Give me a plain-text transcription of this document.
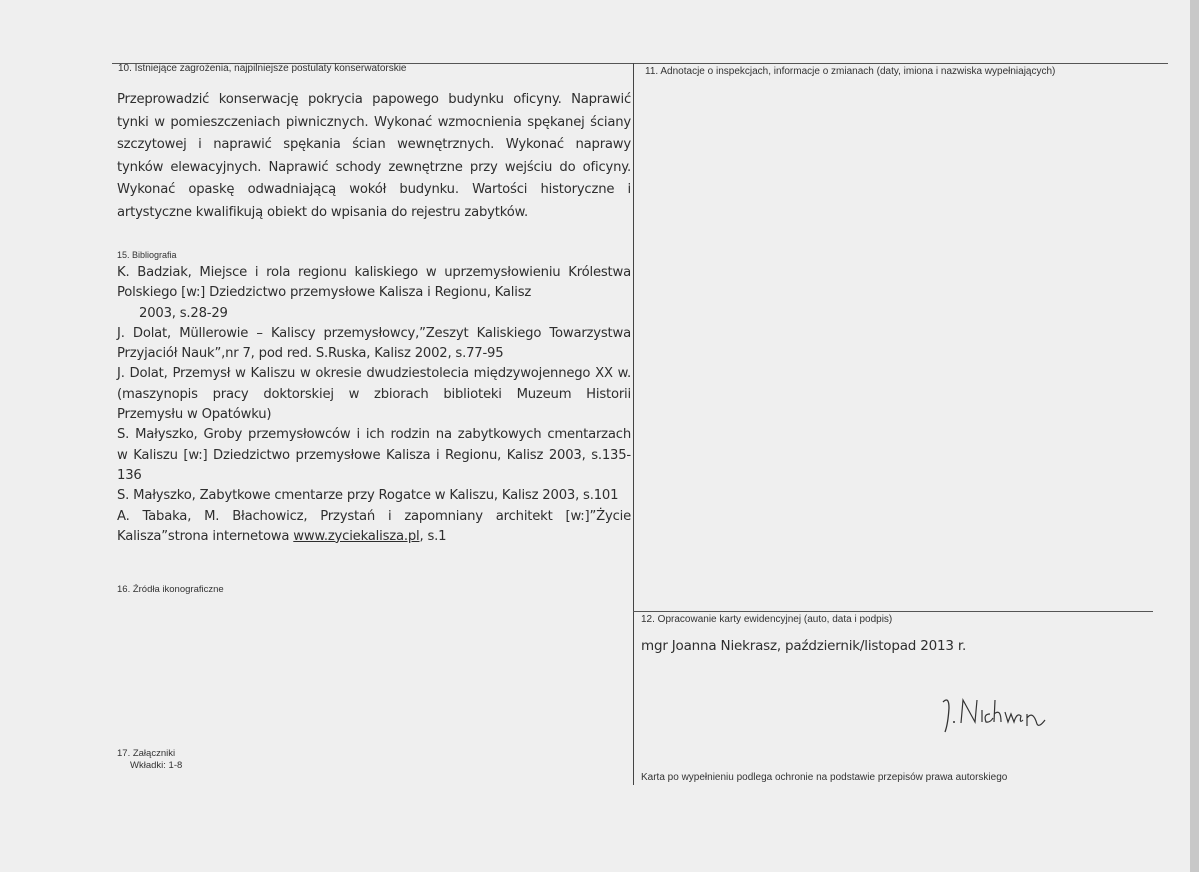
10. Istniejące zagrożenia, najpilniejsze postulaty konserwatorskie
Przeprowadzić konserwację pokrycia papowego budynku oficyny. Naprawić
tynki w pomieszczeniach piwnicznych. Wykonać wzmocnienia spękanej ściany
szczytowej i naprawić spękania ścian wewnętrznych. Wykonać naprawy
tynków elewacyjnych. Naprawić schody zewnętrzne przy wejściu do oficyny.
Wykonać opaskę odwadniającą wokół budynku. Wartości historyczne i
artystyczne kwalifikują obiekt do wpisania do rejestru zabytków.
15. Bibliografia
K. Badziak, Miejsce i rola regionu kaliskiego w uprzemysłowieniu Królestwa
Polskiego [w:] Dziedzictwo przemysłowe Kalisza i Regionu, Kalisz
2003, s.28-29
J. Dolat, Müllerowie – Kaliscy przemysłowcy,”Zeszyt Kaliskiego Towarzystwa
Przyjaciół Nauk”,nr 7, pod red. S.Ruska, Kalisz 2002, s.77-95
J. Dolat, Przemysł w Kaliszu w okresie dwudziestolecia międzywojennego XX w.
(maszynopis pracy doktorskiej w zbiorach biblioteki Muzeum Historii
Przemysłu w Opatówku)
S. Małyszko, Groby przemysłowców i ich rodzin na zabytkowych cmentarzach
w Kaliszu [w:] Dziedzictwo przemysłowe Kalisza i Regionu, Kalisz 2003, s.135-
136
S. Małyszko, Zabytkowe cmentarze przy Rogatce w Kaliszu, Kalisz 2003, s.101
A. Tabaka, M. Błachowicz, Przystań i zapomniany architekt [w:]”Życie
Kalisza”strona internetowa www.zyciekalisza.pl, s.1
16. Źródła ikonograficzne
17. Załączniki
Wkładki: 1-8
11. Adnotacje o inspekcjach, informacje o zmianach (daty, imiona i nazwiska wypełniających)
12. Opracowanie karty ewidencyjnej (auto, data i podpis)
mgr Joanna Niekrasz, październik/listopad 2013 r.
Karta po wypełnieniu podlega ochronie na podstawie przepisów prawa autorskiego
